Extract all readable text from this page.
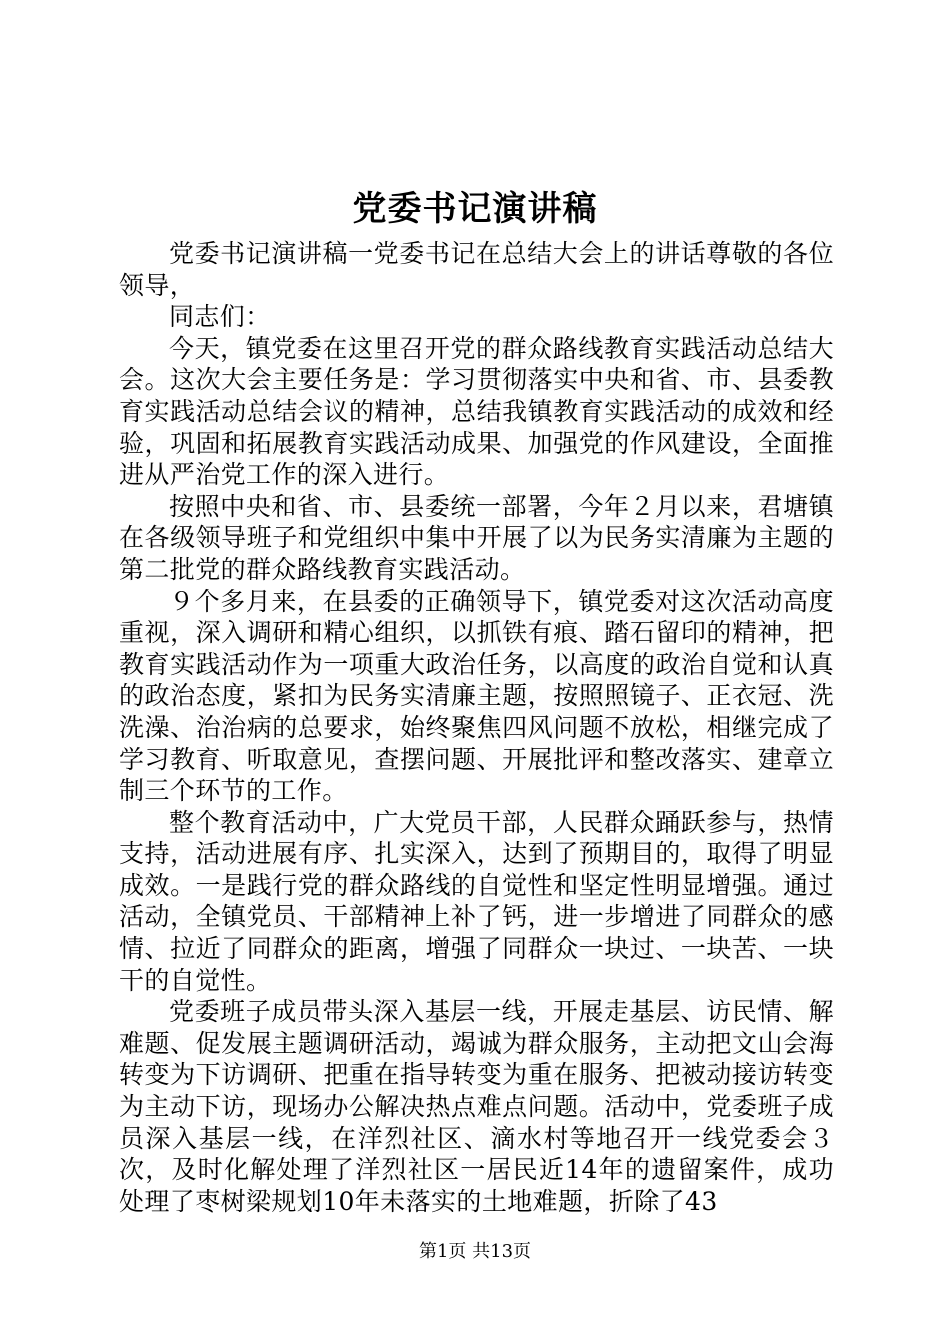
党委书记演讲稿

党委书记演讲稿一党委书记在总结大会上的讲话尊敬的各位领导，

同志们：

今天，镇党委在这里召开党的群众路线教育实践活动总结大会。这次大会主要任务是：学习贯彻落实中央和省、市、县委教育实践活动总结会议的精神，总结我镇教育实践活动的成效和经验，巩固和拓展教育实践活动成果、加强党的作风建设，全面推进从严治党工作的深入进行。

按照中央和省、市、县委统一部署，今年２月以来，君塘镇在各级领导班子和党组织中集中开展了以为民务实清廉为主题的第二批党的群众路线教育实践活动。

９个多月来，在县委的正确领导下，镇党委对这次活动高度重视，深入调研和精心组织，以抓铁有痕、踏石留印的精神，把教育实践活动作为一项重大政治任务，以高度的政治自觉和认真的政治态度，紧扣为民务实清廉主题，按照照镜子、正衣冠、洗洗澡、治治病的总要求，始终聚焦四风问题不放松，相继完成了学习教育、听取意见，查摆问题、开展批评和整改落实、建章立制三个环节的工作。

整个教育活动中，广大党员干部，人民群众踊跃参与，热情支持，活动进展有序、扎实深入，达到了预期目的，取得了明显成效。一是践行党的群众路线的自觉性和坚定性明显增强。通过活动，全镇党员、干部精神上补了钙，进一步增进了同群众的感情、拉近了同群众的距离，增强了同群众一块过、一块苦、一块干的自觉性。

党委班子成员带头深入基层一线，开展走基层、访民情、解难题、促发展主题调研活动，竭诚为群众服务，主动把文山会海转变为下访调研、把重在指导转变为重在服务、把被动接访转变为主动下访，现场办公解决热点难点问题。活动中，党委班子成员深入基层一线，在洋烈社区、滴水村等地召开一线党委会３次，及时化解处理了洋烈社区一居民近14年的遗留案件，成功处理了枣树梁规划10年未落实的土地难题，折除了43

第1页 共13页
